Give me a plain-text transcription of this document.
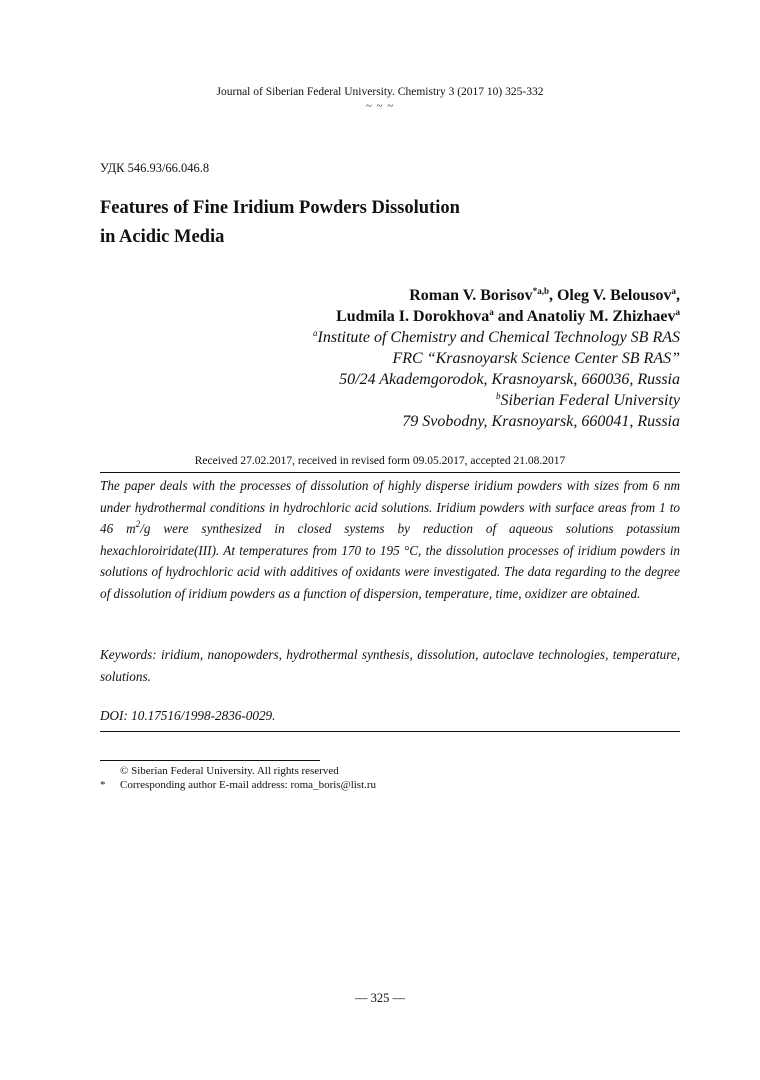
Journal of Siberian Federal University. Chemistry 3 (2017 10) 325-332
~ ~ ~
УДК 546.93/66.046.8
Features of Fine Iridium Powders Dissolution
in Acidic Media
Roman V. Borisov$^{*a,b}$, Oleg V. Belousov$^a$,
Ludmila I. Dorokhova$^a$ and Anatoliy M. Zhizhaev$^a$
$^a$Institute of Chemistry and Chemical Technology SB RAS
FRC “Krasnoyarsk Science Center SB RAS”
50/24 Akademgorodok, Krasnoyarsk, 660036, Russia
$^b$Siberian Federal University
79 Svobodny, Krasnoyarsk, 660041, Russia
Received 27.02.2017, received in revised form 09.05.2017, accepted 21.08.2017
The paper deals with the processes of dissolution of highly disperse iridium powders with sizes from 6 nm under hydrothermal conditions in hydrochloric acid solutions. Iridium powders with surface areas from 1 to 46 $m^2/g$ were synthesized in closed systems by reduction of aqueous solutions potassium hexachloroiridate(III). At temperatures from 170 to 195 °C, the dissolution processes of iridium powders in solutions of hydrochloric acid with additives of oxidants were investigated. The data regarding to the degree of dissolution of iridium powders as a function of dispersion, temperature, time, oxidizer are obtained.
Keywords: iridium, nanopowders, hydrothermal synthesis, dissolution, autoclave technologies, temperature, solutions.
DOI: 10.17516/1998-2836-0029.
© Siberian Federal University. All rights reserved
* Corresponding author E-mail address: roma_boris@list.ru
— 325 —
